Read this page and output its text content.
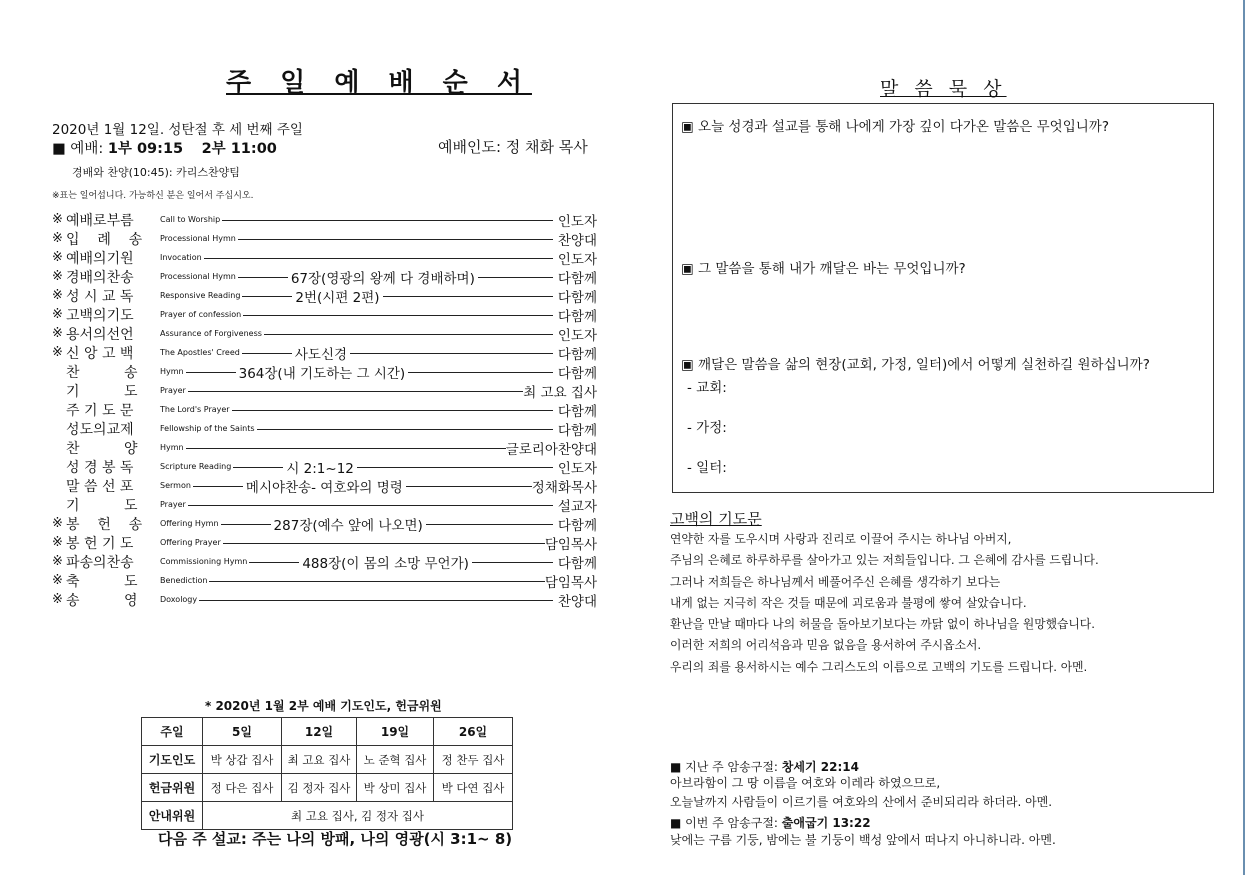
주 일 예 배 순 서
2020년 1월 12일. 성탄절 후 세 번째 주일
■ 예배: 1부 09:15 2부 11:00	예배인도: 정 채화 목사
경배와 찬양(10:45): 카리스찬양팀
※표는 일어섭니다. 가능하신 분은 일어서 주십시오.
※ 예배로부름	Call to Worship	인도자
※ 입    례    송	Processional Hymn	찬양대
※ 예배의기원	Invocation	인도자
※ 경배의찬송	Processional Hymn	67장(영광의 왕께 다 경배하며)	다함께
※ 성 시 교 독	Responsive Reading	2번(시편 2편)	다함께
※ 고백의기도	Prayer of confession	다함께
※ 용서의선언	Assurance of Forgiveness	인도자
※ 신 앙 고 백	The Apostles' Creed	사도신경	다함께
찬          송	Hymn	364장(내 기도하는 그 시간)	다함께
기          도	Prayer	최 고요 집사
주 기 도 문	The Lord's Prayer	다함께
성도의교제	Fellowship of the Saints	다함께
찬          양	Hymn	글로리아찬양대
성 경 봉 독	Scripture Reading	시 2:1~12	인도자
말 씀 선 포	Sermon	메시야찬송- 여호와의 명령	정채화목사
기          도	Prayer	설교자
※ 봉    헌    송	Offering Hymn	287장(예수 앞에 나오면)	다함께
※ 봉 헌 기 도	Offering Prayer	담임목사
※ 파송의찬송	Commissioning Hymn	488장(이 몸의 소망 무언가)	다함께
※ 축          도	Benediction	담임목사
※ 송          영	Doxology	찬양대
* 2020년 1월 2부 예배 기도인도, 헌금위원
주일	5일	12일	19일	26일
기도인도	박 상갑 집사	최 고요 집사	노 준혁 집사	정 찬두 집사
헌금위원	정 다은 집사	김 정자 집사	박 상미 집사	박 다연 집사
안내위원	최 고요 집사, 김 정자 집사			
다음 주 설교: 주는 나의 방패, 나의 영광(시 3:1~ 8)
말 씀 묵 상
▣ 오늘 성경과 설교를 통해 나에게 가장 깊이 다가온 말씀은 무엇입니까?
▣ 그 말씀을 통해 내가 깨달은 바는 무엇입니까?
▣ 깨달은 말씀을 삶의 현장(교회, 가정, 일터)에서 어떻게 실천하길 원하십니까?
- 교회:
- 가정:
- 일터:
고백의 기도문
연약한 자를 도우시며 사랑과 진리로 이끌어 주시는 하나님 아버지,
주님의 은혜로 하루하루를 살아가고 있는 저희들입니다. 그 은혜에 감사를 드립니다.
그러나 저희들은 하나님께서 베풀어주신 은혜를 생각하기 보다는
내게 없는 지극히 작은 것들 때문에 괴로움과 불평에 쌓여 살았습니다.
환난을 만날 때마다 나의 허물을 돌아보기보다는 까닭 없이 하나님을 원망했습니다.
이러한 저희의 어리석음과 믿음 없음을 용서하여 주시옵소서.
우리의 죄를 용서하시는 예수 그리스도의 이름으로 고백의 기도를 드립니다. 아멘.
■ 지난 주 암송구절: 창세기 22:14
아브라함이 그 땅 이름을 여호와 이레라 하였으므로,
오늘날까지 사람들이 이르기를 여호와의 산에서 준비되리라 하더라. 아멘.
■ 이번 주 암송구절: 출애굽기 13:22
낮에는 구름 기둥, 밤에는 불 기둥이 백성 앞에서 떠나지 아니하니라. 아멘.
